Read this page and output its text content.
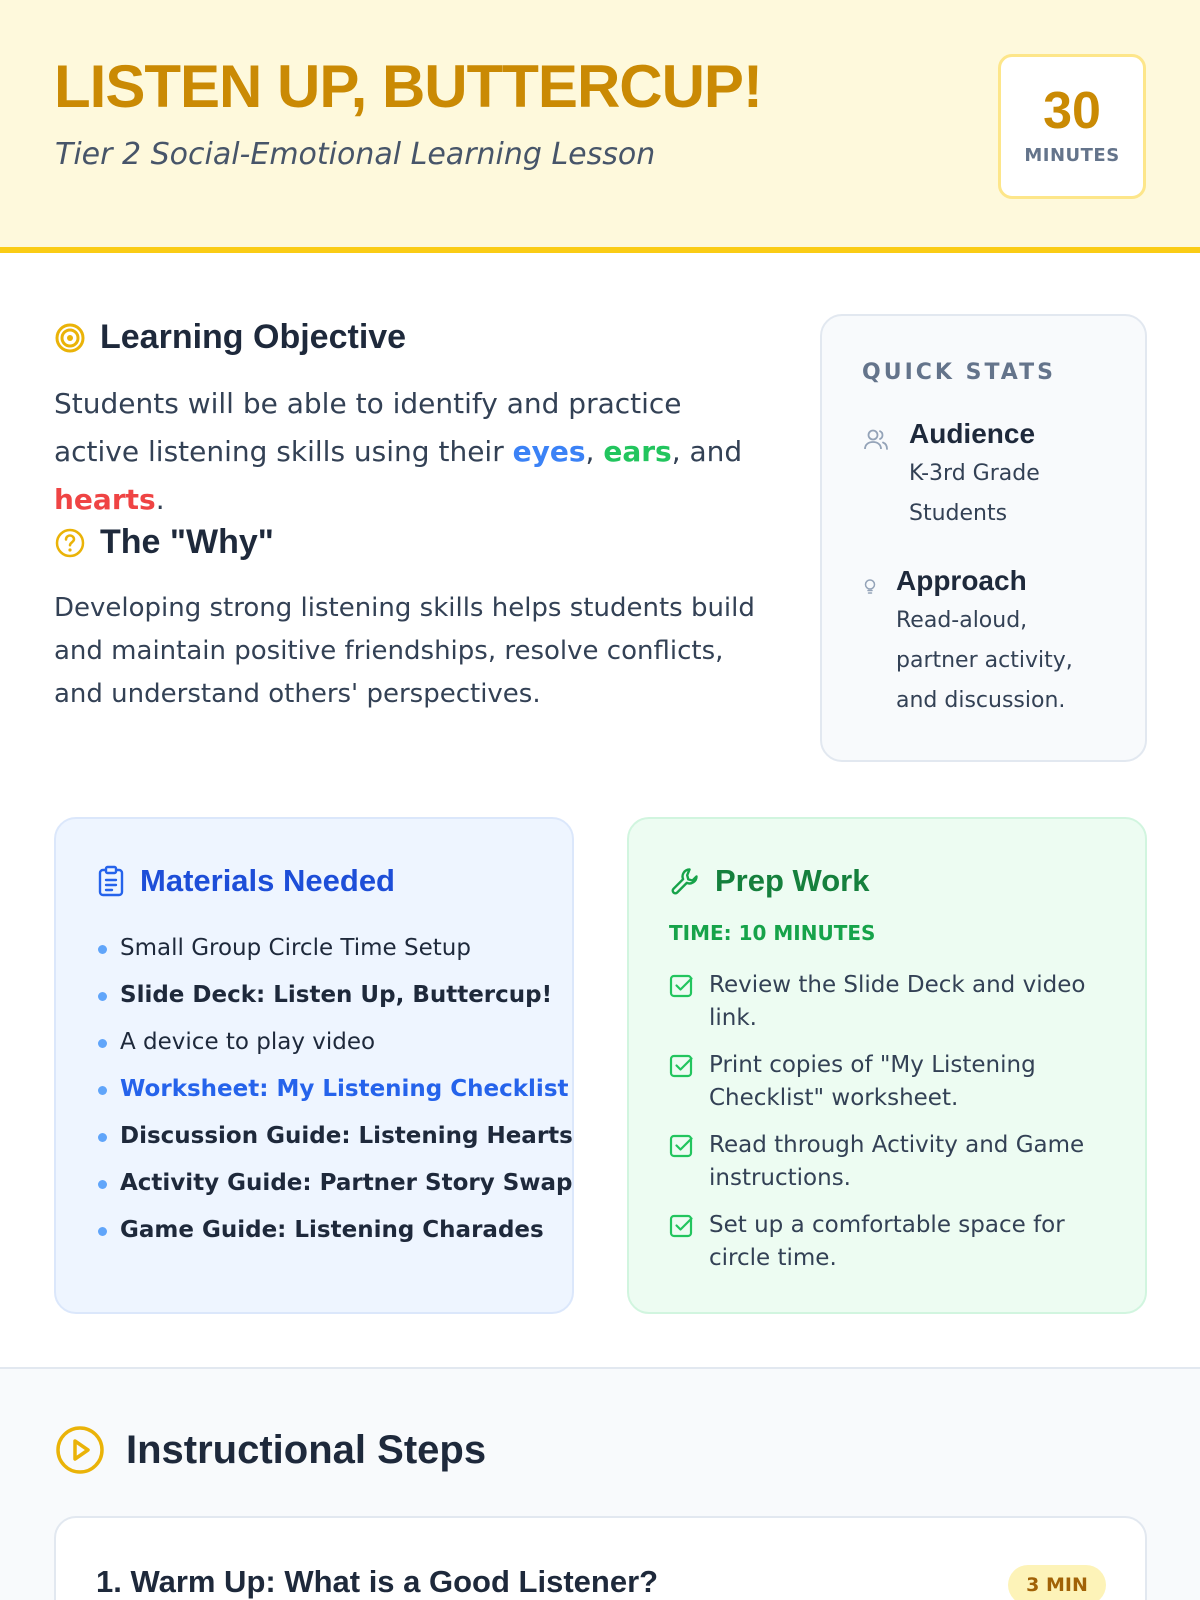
LISTEN UP, BUTTERCUP!
Tier 2 Social-Emotional Learning Lesson
30
MINUTES
Learning Objective
Students will be able to identify and practice active listening skills using their eyes, ears, and hearts.
The "Why"
Developing strong listening skills helps students build and maintain positive friendships, resolve conflicts, and understand others' perspectives.
QUICK STATS
Audience
K-3rd Grade Students
Approach
Read-aloud, partner activity, and discussion.
Materials Needed
Small Group Circle Time Setup
Slide Deck: Listen Up, Buttercup!
A device to play video
Worksheet: My Listening Checklist
Discussion Guide: Listening Hearts
Activity Guide: Partner Story Swap
Game Guide: Listening Charades
Prep Work
TIME: 10 MINUTES
Review the Slide Deck and video link.
Print copies of "My Listening Checklist" worksheet.
Read through Activity and Game instructions.
Set up a comfortable space for circle time.
Instructional Steps
1. Warm Up: What is a Good Listener?	3 MIN
